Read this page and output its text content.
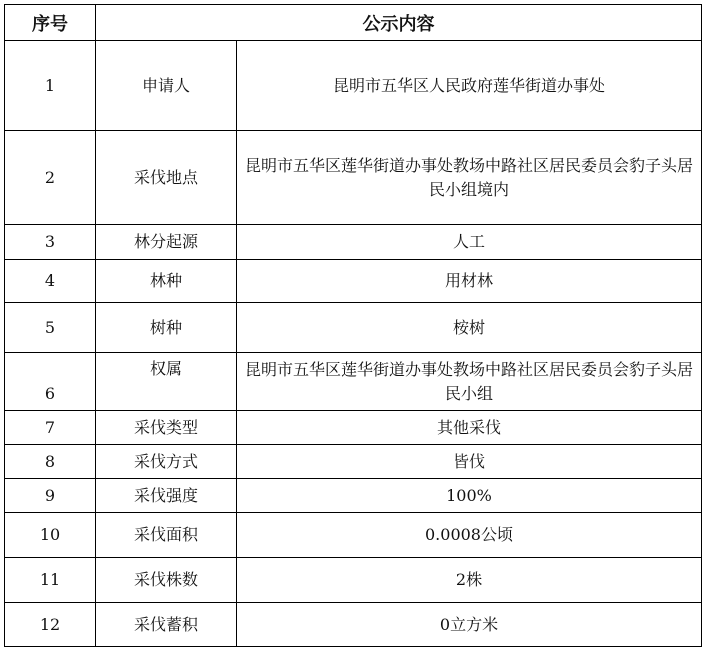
序号	公示内容	
1	申请人	昆明市五华区人民政府莲华街道办事处
2	采伐地点	昆明市五华区莲华街道办事处教场中路社区居民委员会豹子头居民小组境内
3	林分起源	人工
4	林种	用材林
5	树种	桉树
6	权属	昆明市五华区莲华街道办事处教场中路社区居民委员会豹子头居民小组
7	采伐类型	其他采伐
8	采伐方式	皆伐
9	采伐强度	100%
10	采伐面积	0.0008公顷
11	采伐株数	2株
12	采伐蓄积	0立方米
